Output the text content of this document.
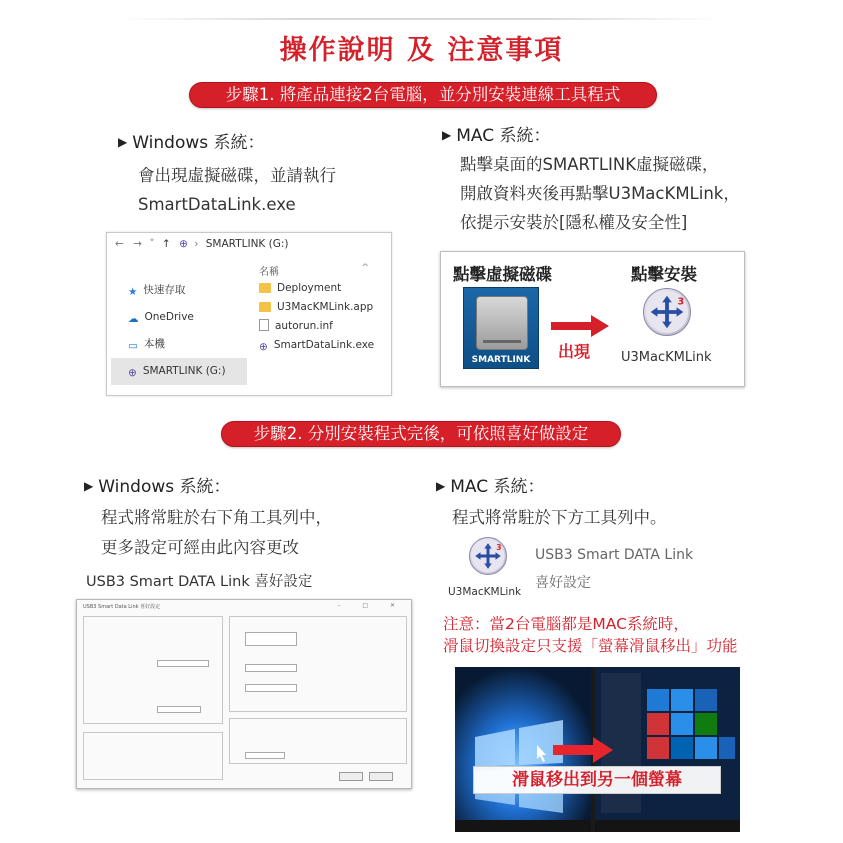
操作說明 及 注意事項
步驟1. 將產品連接2台電腦，並分別安裝連線工具程式
▶ Windows 系統：
會出現虛擬磁碟，並請執行
SmartDataLink.exe
▶ MAC 系統：
點擊桌面的SMARTLINK虛擬磁碟，
開啟資料夾後再點擊U3MacKMLink，
依提示安裝於[隱私權及安全性]
← → ˅ ↑ ⊕ › SMARTLINK (G:)
^
★ 快速存取
☁ OneDrive
▭ 本機
⊕ SMARTLINK (G:)
名稱
Deployment
U3MacKMLink.app
autorun.inf
⊕ SmartDataLink.exe
點擊虛擬磁碟	點擊安裝
SMARTLINK	出現
3
U3MacKMLink
步驟2. 分別安裝程式完後，可依照喜好做設定
▶ Windows 系統：
程式將常駐於右下角工具列中，
更多設定可經由此內容更改
USB3 Smart DATA Link 喜好設定
USB3 Smart Data Link 喜好設定	– □ ✕
▶ MAC 系統：
程式將常駐於下方工具列中。
3
U3MacKMLink
USB3 Smart DATA Link
喜好設定
注意：當2台電腦都是MAC系統時，
滑鼠切換設定只支援「螢幕滑鼠移出」功能
滑鼠移出到另一個螢幕
